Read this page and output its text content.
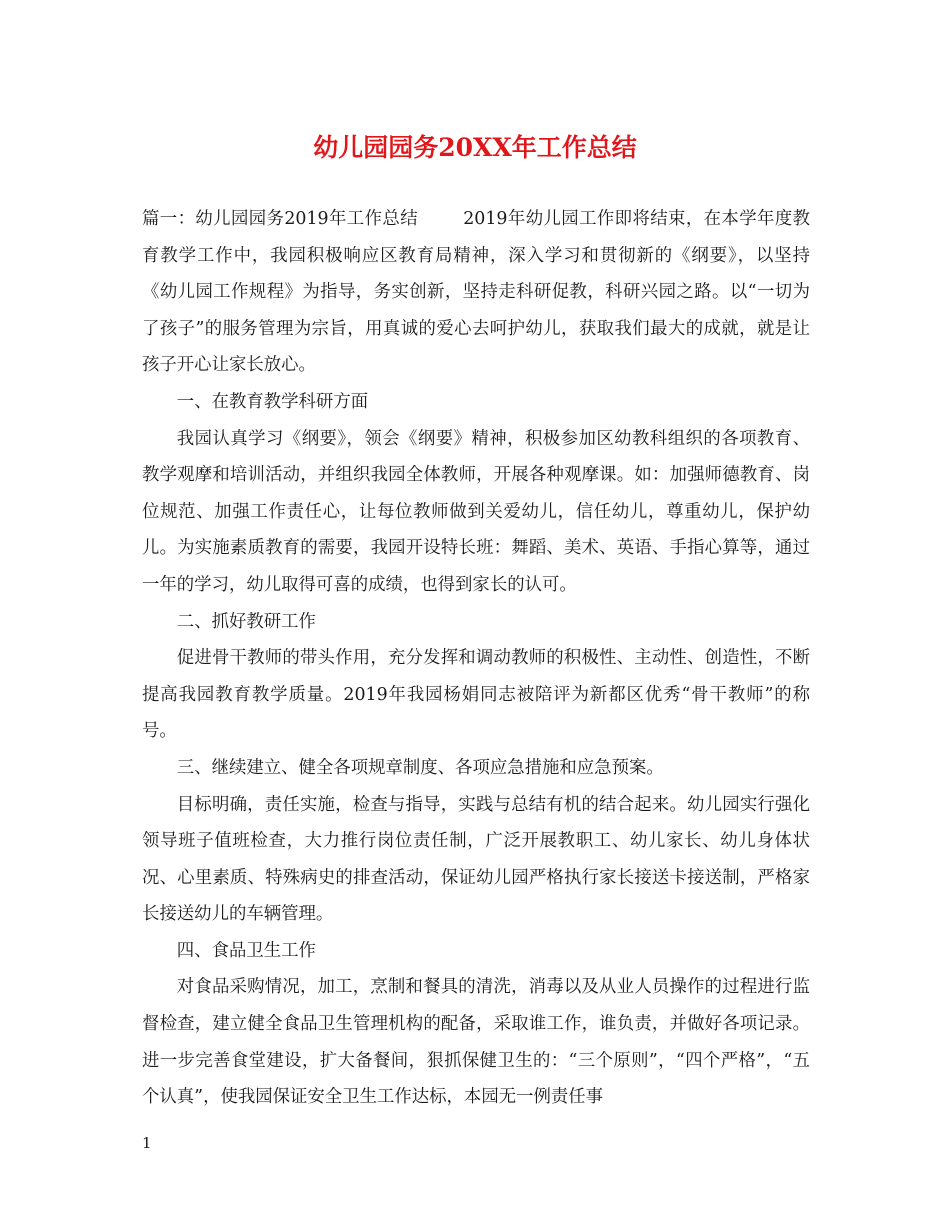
幼儿园园务20XX年工作总结

篇一：幼儿园园务2019年工作总结	2019年幼儿园工作即将结束，在本学年度教育教学工作中，我园积极响应区教育局精神，深入学习和贯彻新的《纲要》，以坚持《幼儿园工作规程》为指导，务实创新，坚持走科研促教，科研兴园之路。以“一切为了孩子”的服务管理为宗旨，用真诚的爱心去呵护幼儿，获取我们最大的成就，就是让孩子开心让家长放心。

一、在教育教学科研方面

我园认真学习《纲要》，领会《纲要》精神，积极参加区幼教科组织的各项教育、教学观摩和培训活动，并组织我园全体教师，开展各种观摩课。如：加强师德教育、岗位规范、加强工作责任心，让每位教师做到关爱幼儿，信任幼儿，尊重幼儿，保护幼儿。为实施素质教育的需要，我园开设特长班：舞蹈、美术、英语、手指心算等，通过一年的学习，幼儿取得可喜的成绩，也得到家长的认可。

二、抓好教研工作

促进骨干教师的带头作用，充分发挥和调动教师的积极性、主动性、创造性，不断提高我园教育教学质量。2019年我园杨娟同志被陪评为新都区优秀“骨干教师”的称号。

三、继续建立、健全各项规章制度、各项应急措施和应急预案。

目标明确，责任实施，检查与指导，实践与总结有机的结合起来。幼儿园实行强化领导班子值班检查，大力推行岗位责任制，广泛开展教职工、幼儿家长、幼儿身体状况、心里素质、特殊病史的排查活动，保证幼儿园严格执行家长接送卡接送制，严格家长接送幼儿的车辆管理。

四、食品卫生工作

对食品采购情况，加工，烹制和餐具的清洗，消毒以及从业人员操作的过程进行监督检查，建立健全食品卫生管理机构的配备，采取谁工作，谁负责，并做好各项记录。进一步完善食堂建设，扩大备餐间，狠抓保健卫生的：“三个原则”，“四个严格”，“五个认真”，使我园保证安全卫生工作达标，本园无一例责任事

1
